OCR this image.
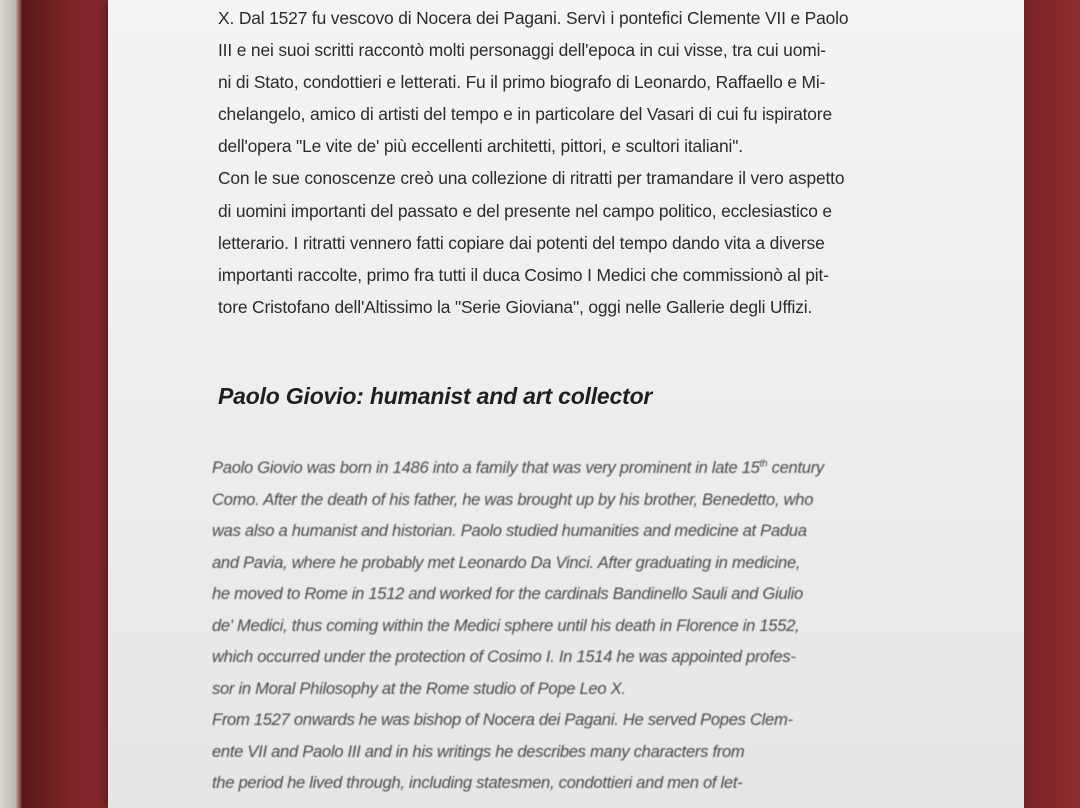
X. Dal 1527 fu vescovo di Nocera dei Pagani. Servì i pontefici Clemente VII e Paolo
III e nei suoi scritti raccontò molti personaggi dell'epoca in cui visse, tra cui uomi-
ni di Stato, condottieri e letterati. Fu il primo biografo di Leonardo, Raffaello e Mi-
chelangelo, amico di artisti del tempo e in particolare del Vasari di cui fu ispiratore
dell'opera "Le vite de' più eccellenti architetti, pittori, e scultori italiani".
Con le sue conoscenze creò una collezione di ritratti per tramandare il vero aspetto
di uomini importanti del passato e del presente nel campo politico, ecclesiastico e
letterario. I ritratti vennero fatti copiare dai potenti del tempo dando vita a diverse
importanti raccolte, primo fra tutti il duca Cosimo I Medici che commissionò al pit-
tore Cristofano dell'Altissimo la "Serie Gioviana", oggi nelle Gallerie degli Uffizi.
Paolo Giovio: humanist and art collector
Paolo Giovio was born in 1486 into a family that was very prominent in late 15th century
Como. After the death of his father, he was brought up by his brother, Benedetto, who
was also a humanist and historian. Paolo studied humanities and medicine at Padua
and Pavia, where he probably met Leonardo Da Vinci. After graduating in medicine,
he moved to Rome in 1512 and worked for the cardinals Bandinello Sauli and Giulio
de' Medici, thus coming within the Medici sphere until his death in Florence in 1552,
which occurred under the protection of Cosimo I. In 1514 he was appointed profes-
sor in Moral Philosophy at the Rome studio of Pope Leo X.
From 1527 onwards he was bishop of Nocera dei Pagani. He served Popes Clem-
ente VII and Paolo III and in his writings he describes many characters from
the period he lived through, including statesmen, condottieri and men of let-
